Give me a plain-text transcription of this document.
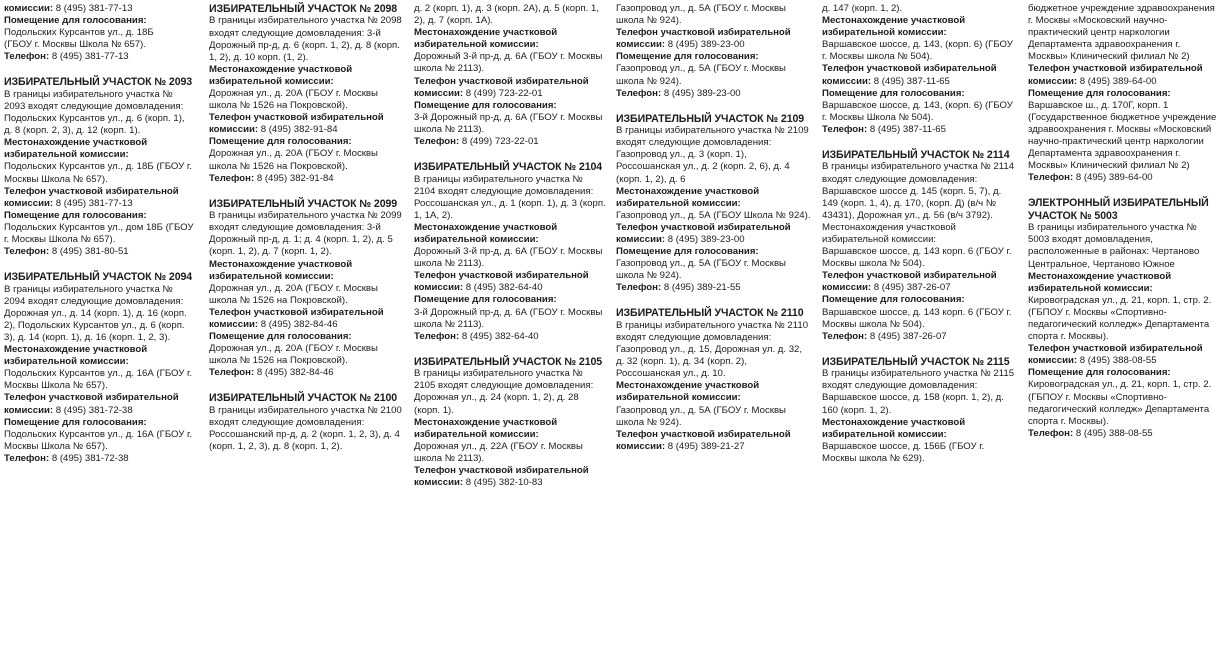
комиссии: 8 (495) 381-77-13
Помещение для голосования:
Подольских Курсантов ул., д. 18Б
(ГБОУ г. Москвы Школа № 657).
Телефон: 8 (495) 381-77-13
ИЗБИРАТЕЛЬНЫЙ УЧАСТОК № 2093
В границы избирательного участка № 2093 входят следующие домовладения: Подольских Курсантов ул., д. 6 (корп. 1), д. 8 (корп. 2, 3), д. 12 (корп. 1).
Местонахождение участковой избирательной комиссии:
Подольских Курсантов ул., д. 18Б (ГБОУ г. Москвы Школа № 657).
Телефон участковой избирательной комиссии: 8 (495) 381-77-13
Помещение для голосования:
Подольских Курсантов ул., дом 18Б (ГБОУ г. Москвы Школа № 657).
Телефон: 8 (495) 381-80-51
ИЗБИРАТЕЛЬНЫЙ УЧАСТОК № 2094
В границы избирательного участка № 2094 входят следующие домовладения: Дорожная ул., д. 14 (корп. 1), д. 16 (корп. 2), Подольских Курсантов ул., д. 6 (корп. 3), д. 14 (корп. 1), д. 16 (корп. 1, 2, 3).
Местонахождение участковой избирательной комиссии:
Подольских Курсантов ул., д. 16А (ГБОУ г. Москвы Школа № 657).
Телефон участковой избирательной комиссии: 8 (495) 381-72-38
Помещение для голосования:
Подольских Курсантов ул., д. 16А (ГБОУ г. Москвы Школа № 657).
Телефон: 8 (495) 381-72-38
ИЗБИРАТЕЛЬНЫЙ УЧАСТОК № 2098
В границы избирательного участка № 2098 входят следующие домовладения: 3-й Дорожный пр-д, д. 6 (корп. 1, 2), д. 8 (корп. 1, 2), д. 10 корп. (1, 2).
Местонахождение участковой избирательной комиссии:
Дорожная ул., д. 20А (ГБОУ г. Москвы школа № 1526 на Покровской).
Телефон участковой избирательной комиссии: 8 (495) 382-91-84
Помещение для голосования:
Дорожная ул., д. 20А (ГБОУ г. Москвы школа № 1526 на Покровской).
Телефон: 8 (495) 382-91-84
ИЗБИРАТЕЛЬНЫЙ УЧАСТОК № 2099
В границы избирательного участка № 2099 входят следующие домовладения: 3-й Дорожный пр-д, д. 1; д. 4 (корп. 1, 2), д. 5 (корп. 1, 2), д. 7 (корп. 1, 2).
Местонахождение участковой избирательной комиссии:
Дорожная ул., д. 20А (ГБОУ г. Москвы школа № 1526 на Покровской).
Телефон участковой избирательной комиссии: 8 (495) 382-84-46
Помещение для голосования:
Дорожная ул., д. 20А (ГБОУ г. Москвы школа № 1526 на Покровской).
Телефон: 8 (495) 382-84-46
ИЗБИРАТЕЛЬНЫЙ УЧАСТОК № 2100
В границы избирательного участка № 2100 входят следующие домовладения: Россошанский пр-д, д. 2 (корп. 1, 2, 3), д. 4 (корп. 1, 2, 3), д. 8 (корп. 1, 2).
д. 2 (корп. 1), д. 3 (корп. 2А), д. 5 (корп. 1, 2), д. 7 (корп. 1А).
Местонахождение участковой избирательной комиссии:
Дорожный 3-й пр-д, д. 6А (ГБОУ г. Москвы школа № 2113).
Телефон участковой избирательной комиссии: 8 (499) 723-22-01
Помещение для голосования:
3-й Дорожный пр-д, д. 6А (ГБОУ г. Москвы школа № 2113).
Телефон: 8 (499) 723-22-01
ИЗБИРАТЕЛЬНЫЙ УЧАСТОК № 2104
В границы избирательного участка № 2104 входят следующие домовладения: Россошанская ул., д. 1 (корп. 1), д. 3 (корп. 1, 1А, 2).
Местонахождение участковой избирательной комиссии:
Дорожный 3-й пр-д, д. 6А (ГБОУ г. Москвы школа № 2113).
Телефон участковой избирательной комиссии: 8 (495) 382-64-40
Помещение для голосования:
3-й Дорожный пр-д, д. 6А (ГБОУ г. Москвы школа № 2113).
Телефон: 8 (495) 382-64-40
ИЗБИРАТЕЛЬНЫЙ УЧАСТОК № 2105
В границы избирательного участка № 2105 входят следующие домовладения: Дорожная ул., д. 24 (корп. 1, 2), д. 28 (корп. 1).
Местонахождение участковой избирательной комиссии:
Дорожная ул., д. 22А (ГБОУ г. Москвы школа № 2113).
Телефон участковой избирательной комиссии: 8 (495) 382-10-83
Газопровод ул., д. 5А (ГБОУ г. Москвы школа № 924).
Телефон участковой избирательной комиссии: 8 (495) 389-23-00
Помещение для голосования:
Газопровод ул., д. 5А (ГБОУ г. Москвы школа № 924).
Телефон: 8 (495) 389-23-00
ИЗБИРАТЕЛЬНЫЙ УЧАСТОК № 2109
В границы избирательного участка № 2109 входят следующие домовладения: Газопровод ул., д. 3 (корп. 1), Россошанская ул., д. 2 (корп. 2, 6), д. 4 (корп. 1, 2), д. 6
Местонахождение участковой избирательной комиссии:
Газопровод ул., д. 5А (ГБОУ Школа № 924).
Телефон участковой избирательной комиссии: 8 (495) 389-23-00
Помещение для голосования:
Газопровод ул., д. 5А (ГБОУ г. Москвы школа № 924).
Телефон: 8 (495) 389-21-55
ИЗБИРАТЕЛЬНЫЙ УЧАСТОК № 2110
В границы избирательного участка № 2110 входят следующие домовладения: Газопровод ул., д. 15, Дорожная ул. д. 32, д. 32 (корп. 1), д. 34 (корп. 2), Россошанская ул., д. 10.
Местонахождение участковой избирательной комиссии:
Газопровод ул., д. 5А (ГБОУ г. Москвы школа № 924).
Телефон участковой избирательной комиссии: 8 (495) 389-21-27
д. 147 (корп. 1, 2).
Местонахождение участковой избирательной комиссии:
Варшавское шоссе, д. 143, (корп. 6) (ГБОУ г. Москвы школа № 504).
Телефон участковой избирательной комиссии: 8 (495) 387-11-65
Помещение для голосования:
Варшавское шоссе, д. 143, (корп. 6) (ГБОУ г. Москвы Школа № 504).
Телефон: 8 (495) 387-11-65
ИЗБИРАТЕЛЬНЫЙ УЧАСТОК № 2114
В границы избирательного участка № 2114 входят следующие домовладения: Варшавское шоссе д. 145 (корп. 5, 7), д. 149 (корп. 1, 4), д. 170, (корп. Д) (в/ч № 43431), Дорожная ул., д. 56 (в/ч 3792).
Местонахождения участковой избирательной комиссии:
Варшавское шоссе, д. 143 корп. 6 (ГБОУ г. Москвы школа № 504).
Телефон участковой избирательной комиссии: 8 (495) 387-26-07
Помещение для голосования:
Варшавское шоссе, д. 143 корп. 6 (ГБОУ г. Москвы школа № 504).
Телефон: 8 (495) 387-26-07
ИЗБИРАТЕЛЬНЫЙ УЧАСТОК № 2115
В границы избирательного участка № 2115 входят следующие домовладения: Варшавское шоссе, д. 158 (корп. 1, 2), д. 160 (корп. 1, 2).
Местонахождение участковой избирательной комиссии:
Варшавское шоссе, д. 156Б (ГБОУ г. Москвы школа № 629).
бюджетное учреждение здравоохранения г. Москвы «Московский научно-практический центр наркологии Департамента здравоохранения г. Москвы» Клинический филиал № 2)
Телефон участковой избирательной комиссии: 8 (495) 389-64-00
Помещение для голосования:
Варшавское ш., д. 170Г, корп. 1 (Государственное бюджетное учреждение здравоохранения г. Москвы «Московский научно-практический центр наркологии Департамента здравоохранения г. Москвы» Клинический филиал № 2)
Телефон: 8 (495) 389-64-00
ЭЛЕКТРОННЫЙ ИЗБИРАТЕЛЬНЫЙ УЧАСТОК № 5003
В границы избирательного участка № 5003 входят домовладения, расположенные в районах: Чертаново Центральное, Чертаново Южное
Местонахождение участковой избирательной комиссии:
Кировоградская ул., д. 21, корп. 1, стр. 2. (ГБПОУ г. Москвы «Спортивно-педагогический колледж» Департамента спорта г. Москвы).
Телефон участковой избирательной комиссии: 8 (495) 388-08-55
Помещение для голосования:
Кировоградская ул., д. 21, корп. 1, стр. 2. (ГБПОУ г. Москвы «Спортивно-педагогический колледж» Департамента спорта г. Москвы).
Телефон: 8 (495) 388-08-55
